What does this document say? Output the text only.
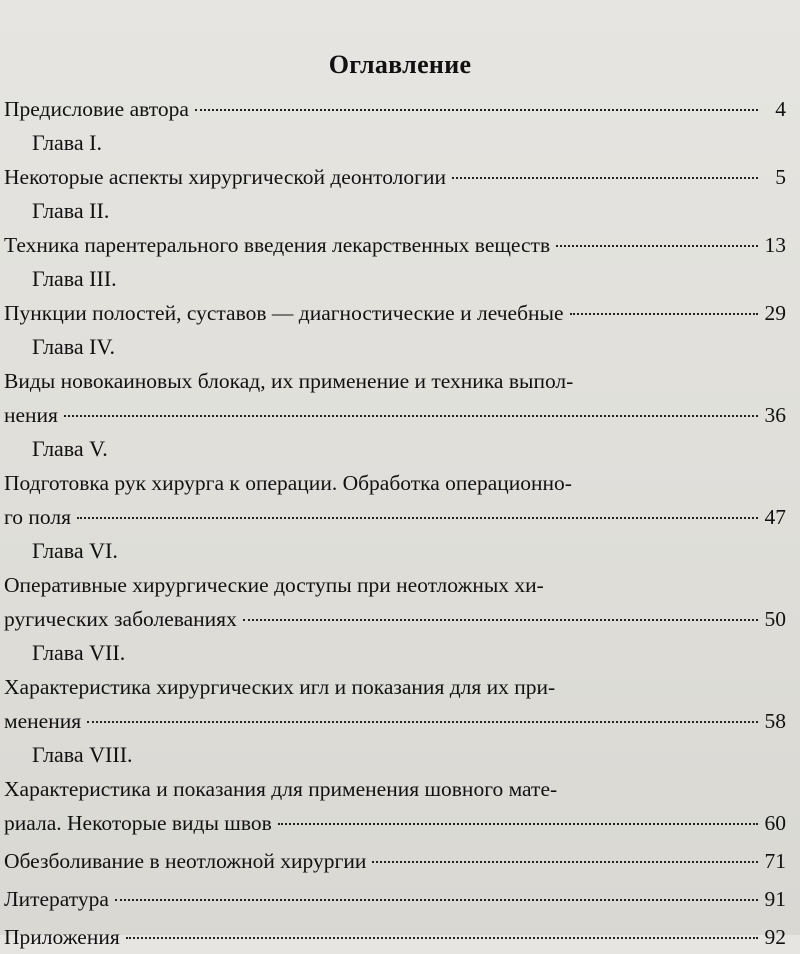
Оглавление
Предисловие автора	4
Глава I.
Некоторые аспекты хирургической деонтологии	5
Глава II.
Техника парентерального введения лекарственных веществ	13
Глава III.
Пункции полостей, суставов — диагностические и лечебные	29
Глава IV.
Виды новокаиновых блокад, их применение и техника выпол-
нения	36
Глава V.
Подготовка рук хирурга к операции. Обработка операционно-
го поля	47
Глава VI.
Оперативные хирургические доступы при неотложных хи-
ругических заболеваниях	50
Глава VII.
Характеристика хирургических игл и показания для их при-
менения	58
Глава VIII.
Характеристика и показания для применения шовного мате-
риала. Некоторые виды швов	60
Обезболивание в неотложной хирургии	71
Литература	91
Приложения	92
